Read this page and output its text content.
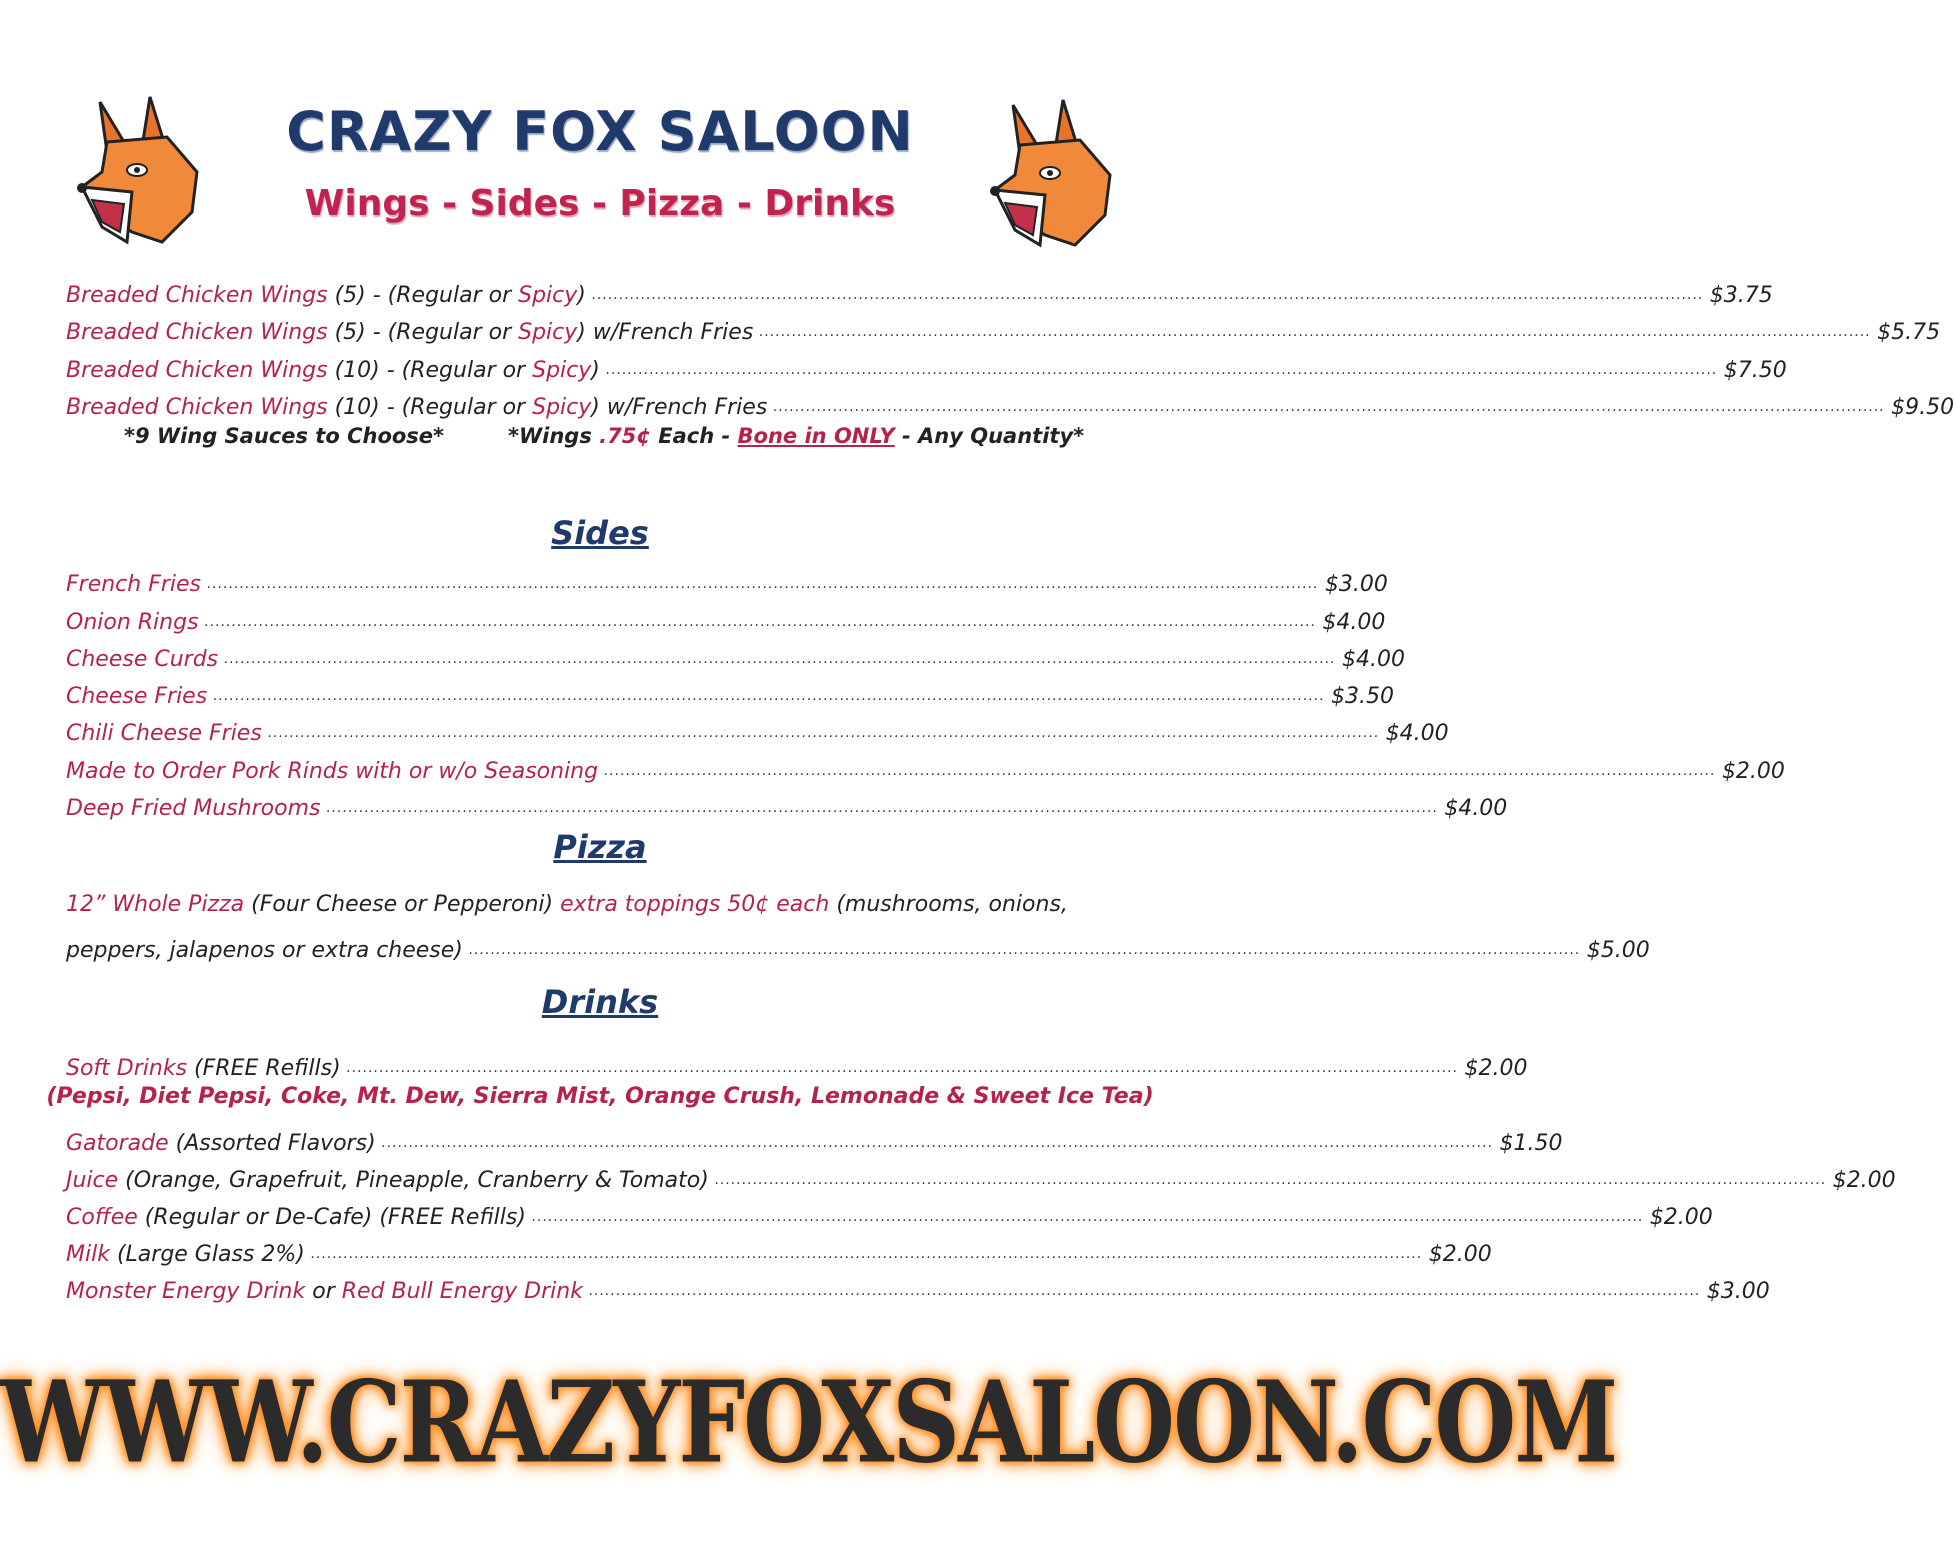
CRAZY FOX SALOON
Wings - Sides - Pizza - Drinks
Breaded Chicken Wings (5) - (Regular or Spicy) .....	$3.75
Breaded Chicken Wings (5) - (Regular or Spicy) w/French Fries .....	$5.75
Breaded Chicken Wings (10) - (Regular or Spicy) .....	$7.50
Breaded Chicken Wings (10) - (Regular or Spicy) w/French Fries .....	$9.50
*9 Wing Sauces to Choose*	*Wings .75¢ Each - Bone in ONLY - Any Quantity*
Sides
French Fries .....	$3.00
Onion Rings .....	$4.00
Cheese Curds .....	$4.00
Cheese Fries .....	$3.50
Chili Cheese Fries .....	$4.00
Made to Order Pork Rinds with or w/o Seasoning .....	$2.00
Deep Fried Mushrooms .....	$4.00
Pizza
12” Whole Pizza (Four Cheese or Pepperoni) extra toppings 50¢ each (mushrooms, onions,
peppers, jalapenos or extra cheese) .....	$5.00
Drinks
Soft Drinks (FREE Refills) .....	$2.00
(Pepsi, Diet Pepsi, Coke, Mt. Dew, Sierra Mist, Orange Crush, Lemonade & Sweet Ice Tea)
Gatorade (Assorted Flavors) .....	$1.50
Juice (Orange, Grapefruit, Pineapple, Cranberry & Tomato) .....	$2.00
Coffee (Regular or De-Cafe) (FREE Refills) .....	$2.00
Milk (Large Glass 2%) .....	$2.00
Monster Energy Drink or Red Bull Energy Drink .....	$3.00
WWW.CRAZYFOXSALOON.COM
